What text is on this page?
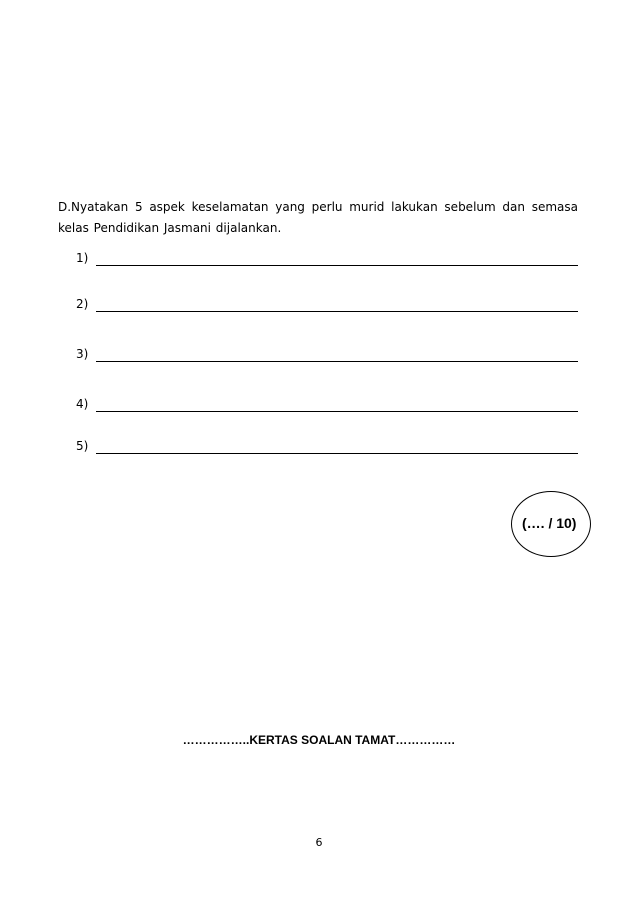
D.Nyatakan 5 aspek keselamatan yang perlu murid lakukan sebelum dan semasa kelas Pendidikan Jasmani dijalankan.
1)
2)
3)
4)
5)
(…. / 10)
……………..KERTAS SOALAN TAMAT……………
6
